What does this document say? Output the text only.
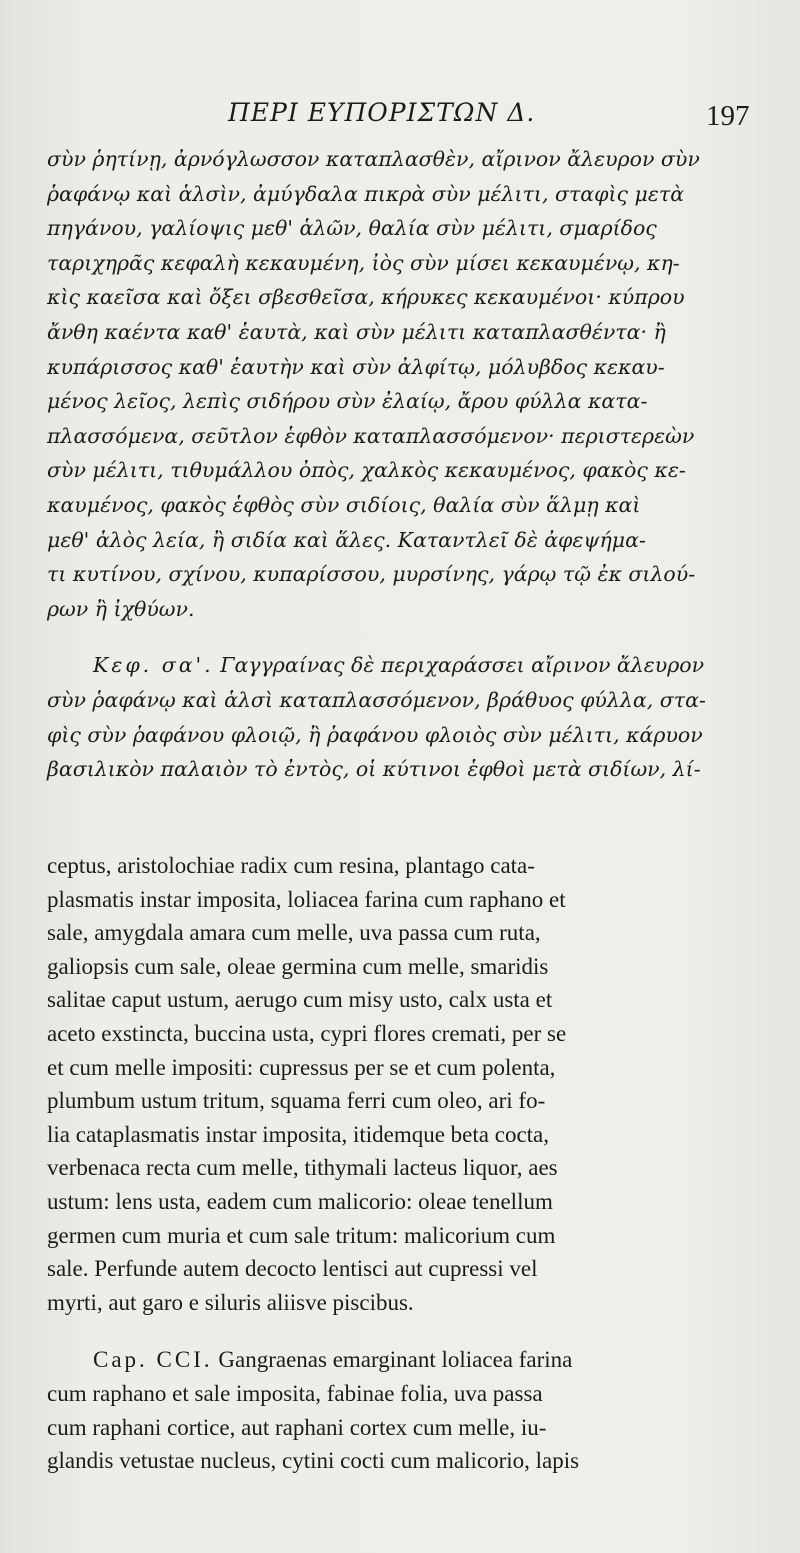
ΠΕΡΙ ΕΥΠΟΡΙΣΤΩΝ Δ.	197
σὺν ῥητίνῃ, ἀρνόγλωσσον καταπλασθὲν, αἴρινον ἄλευρον σὺν
ῥαφάνῳ καὶ ἁλσὶν, ἀμύγδαλα πικρὰ σὺν μέλιτι, σταφὶς μετὰ
πηγάνου, γαλίοψις μεθ' ἁλῶν, θαλία σὺν μέλιτι, σμαρίδος
ταριχηρᾶς κεφαλὴ κεκαυμένη, ἰὸς σὺν μίσει κεκαυμένῳ, κη-
κὶς καεῖσα καὶ ὄξει σβεσθεῖσα, κήρυκες κεκαυμένοι· κύπρου
ἄνθη καέντα καθ' ἑαυτὰ, καὶ σὺν μέλιτι καταπλασθέντα· ἢ
κυπάρισσος καθ' ἑαυτὴν καὶ σὺν ἀλφίτῳ, μόλυβδος κεκαυ-
μένος λεῖος, λεπὶς σιδήρου σὺν ἐλαίῳ, ἄρου φύλλα κατα-
πλασσόμενα, σεῦτλον ἑφθὸν καταπλασσόμενον· περιστερεὼν
σὺν μέλιτι, τιθυμάλλου ὀπὸς, χαλκὸς κεκαυμένος, φακὸς κε-
καυμένος, φακὸς ἑφθὸς σὺν σιδίοις, θαλία σὺν ἅλμῃ καὶ
μεθ' ἁλὸς λεία, ἢ σιδία καὶ ἅλες. Καταντλεῖ δὲ ἀφεψήμα-
τι κυτίνου, σχίνου, κυπαρίσσου, μυρσίνης, γάρῳ τῷ ἐκ σιλού-
ρων ἢ ἰχθύων.
Κεφ. σα'. Γαγγραίνας δὲ περιχαράσσει αἴρινον ἄλευρον
σὺν ῥαφάνῳ καὶ ἁλσὶ καταπλασσόμενον, βράθυος φύλλα, στα-
φὶς σὺν ῥαφάνου φλοιῷ, ἢ ῥαφάνου φλοιὸς σὺν μέλιτι, κάρυον
βασιλικὸν παλαιὸν τὸ ἐντὸς, οἱ κύτινοι ἑφθοὶ μετὰ σιδίων, λί-
ceptus, aristolochiae radix cum resina, plantago cata-
plasmatis instar imposita, loliacea farina cum raphano et
sale, amygdala amara cum melle, uva passa cum ruta,
galiopsis cum sale, oleae germina cum melle, smaridis
salitae caput ustum, aerugo cum misy usto, calx usta et
aceto exstincta, buccina usta, cypri flores cremati, per se
et cum melle impositi: cupressus per se et cum polenta,
plumbum ustum tritum, squama ferri cum oleo, ari fo-
lia cataplasmatis instar imposita, itidemque beta cocta,
verbenaca recta cum melle, tithymali lacteus liquor, aes
ustum: lens usta, eadem cum malicorio: oleae tenellum
germen cum muria et cum sale tritum: malicorium cum
sale. Perfunde autem decocto lentisci aut cupressi vel
myrti, aut garo e siluris aliisve piscibus.
Cap. CCI. Gangraenas emarginant loliacea farina
cum raphano et sale imposita, fabinae folia, uva passa
cum raphani cortice, aut raphani cortex cum melle, iu-
glandis vetustae nucleus, cytini cocti cum malicorio, lapis
